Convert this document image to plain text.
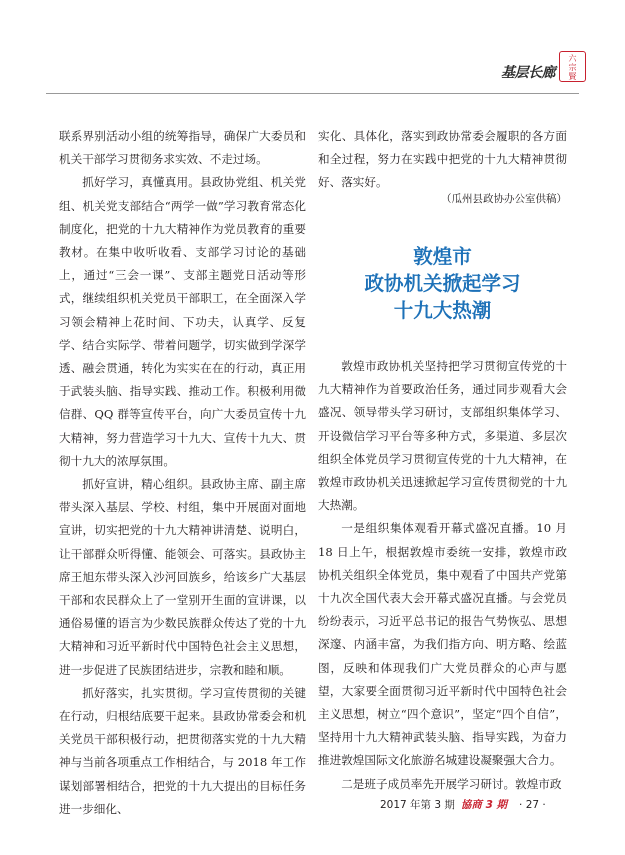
基层长廊
六
宗
賢

联系界别活动小组的统筹指导，确保广大委员和机关干部学习贯彻务求实效、不走过场。

抓好学习，真懂真用。县政协党组、机关党组、机关党支部结合“两学一做”学习教育常态化制度化，把党的十九大精神作为党员教育的重要教材。在集中收听收看、支部学习讨论的基础上，通过“三会一课”、支部主题党日活动等形式，继续组织机关党员干部职工，在全面深入学习领会精神上花时间、下功夫，认真学、反复学、结合实际学、带着问题学，切实做到学深学透、融会贯通，转化为实实在在的行动，真正用于武装头脑、指导实践、推动工作。积极利用微信群、QQ 群等宣传平台，向广大委员宣传十九大精神，努力营造学习十九大、宣传十九大、贯彻十九大的浓厚氛围。

抓好宣讲，精心组织。县政协主席、副主席带头深入基层、学校、村组，集中开展面对面地宣讲，切实把党的十九大精神讲清楚、说明白，让干部群众听得懂、能领会、可落实。县政协主席王旭东带头深入沙河回族乡，给该乡广大基层干部和农民群众上了一堂别开生面的宣讲课，以通俗易懂的语言为少数民族群众传达了党的十九大精神和习近平新时代中国特色社会主义思想，进一步促进了民族团结进步，宗教和睦和顺。

抓好落实，扎实贯彻。学习宣传贯彻的关键在行动，归根结底要干起来。县政协常委会和机关党员干部积极行动，把贯彻落实党的十九大精神与当前各项重点工作相结合，与 2018 年工作谋划部署相结合，把党的十九大提出的目标任务进一步细化、

实化、具体化，落实到政协常委会履职的各方面和全过程，努力在实践中把党的十九大精神贯彻好、落实好。

（瓜州县政协办公室供稿）
敦煌市
政协机关掀起学习
十九大热潮

敦煌市政协机关坚持把学习贯彻宣传党的十九大精神作为首要政治任务，通过同步观看大会盛况、领导带头学习研讨，支部组织集体学习、开设微信学习平台等多种方式，多渠道、多层次组织全体党员学习贯彻宣传党的十九大精神，在敦煌市政协机关迅速掀起学习宣传贯彻党的十九大热潮。

一是组织集体观看开幕式盛况直播。10 月 18 日上午，根据敦煌市委统一安排，敦煌市政协机关组织全体党员，集中观看了中国共产党第十九次全国代表大会开幕式盛况直播。与会党员纷纷表示，习近平总书记的报告气势恢弘、思想深邃、内涵丰富，为我们指方向、明方略、绘蓝图，反映和体现我们广大党员群众的心声与愿望，大家要全面贯彻习近平新时代中国特色社会主义思想，树立“四个意识”，坚定“四个自信”，坚持用十九大精神武装头脑、指导实践，为奋力推进敦煌国际文化旅游名城建设凝聚强大合力。

二是班子成员率先开展学习研讨。敦煌市政

2017 年第 3 期 協商 3 期 · 27 ·
